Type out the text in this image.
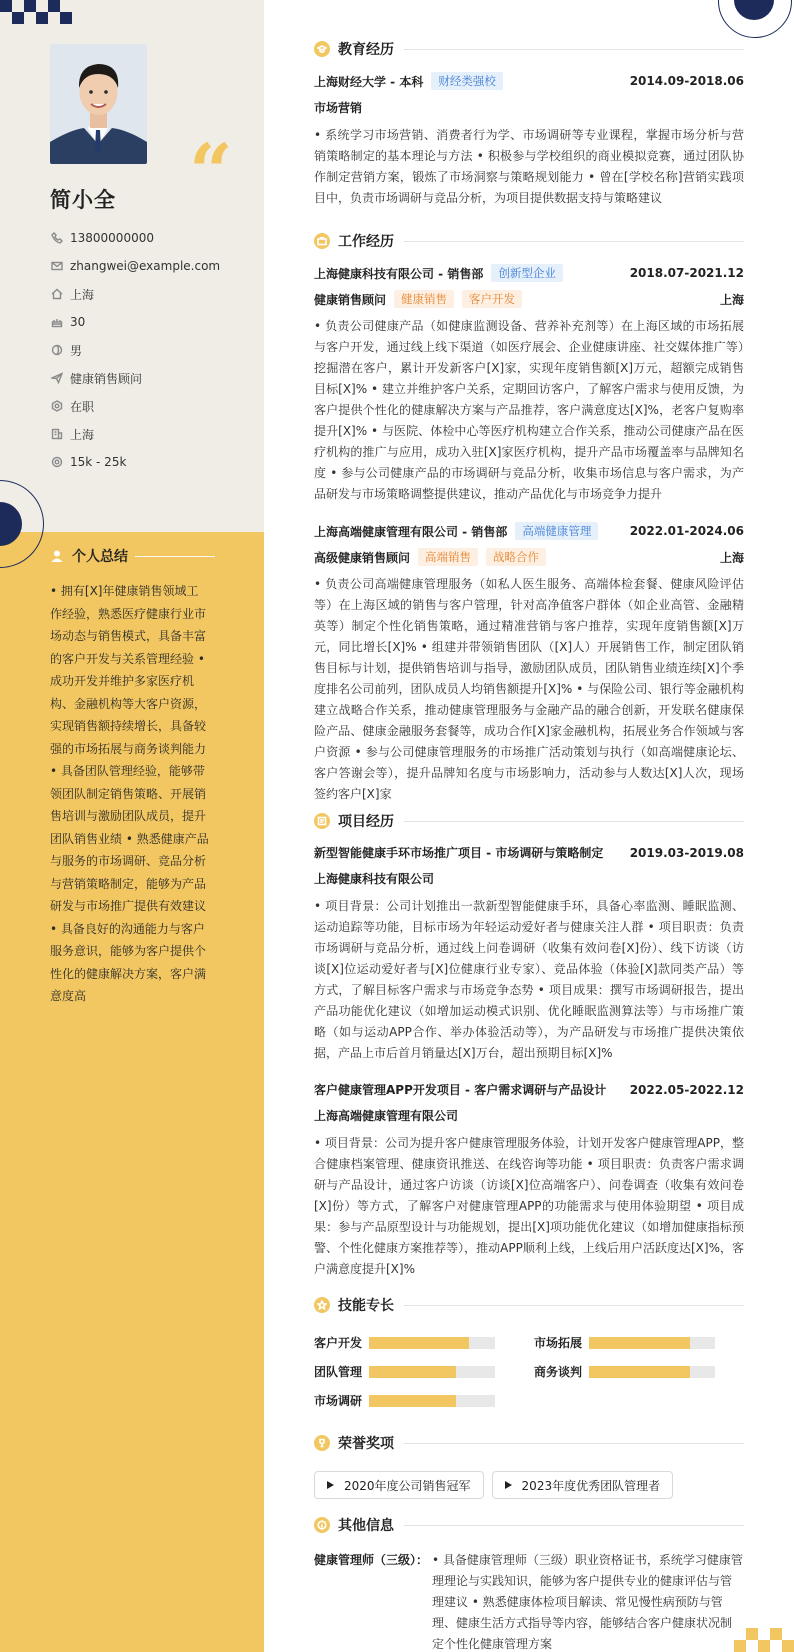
“
简小全
13800000000
zhangwei@example.com
上海
30
男
健康销售顾问
在职
上海
15k - 25k
个人总结
• 拥有[X]年健康销售领域工作经验，熟悉医疗健康行业市场动态与销售模式，具备丰富的客户开发与关系管理经验 • 成功开发并维护多家医疗机构、金融机构等大客户资源，实现销售额持续增长，具备较强的市场拓展与商务谈判能力 • 具备团队管理经验，能够带领团队制定销售策略、开展销售培训与激励团队成员，提升团队销售业绩 • 熟悉健康产品与服务的市场调研、竞品分析与营销策略制定，能够为产品研发与市场推广提供有效建议 • 具备良好的沟通能力与客户服务意识，能够为客户提供个性化的健康解决方案，客户满意度高
教育经历
上海财经大学 - 本科	财经类强校	2014.09-2018.06
市场营销
• 系统学习市场营销、消费者行为学、市场调研等专业课程，掌握市场分析与营销策略制定的基本理论与方法 • 积极参与学校组织的商业模拟竞赛，通过团队协作制定营销方案，锻炼了市场洞察与策略规划能力 • 曾在[学校名称]营销实践项目中，负责市场调研与竞品分析，为项目提供数据支持与策略建议
工作经历
上海健康科技有限公司 - 销售部	创新型企业	2018.07-2021.12
健康销售顾问	健康销售	客户开发	上海
• 负责公司健康产品（如健康监测设备、营养补充剂等）在上海区域的市场拓展与客户开发，通过线上线下渠道（如医疗展会、企业健康讲座、社交媒体推广等）挖掘潜在客户，累计开发新客户[X]家，实现年度销售额[X]万元，超额完成销售目标[X]% • 建立并维护客户关系，定期回访客户，了解客户需求与使用反馈，为客户提供个性化的健康解决方案与产品推荐，客户满意度达[X]%，老客户复购率提升[X]% • 与医院、体检中心等医疗机构建立合作关系，推动公司健康产品在医疗机构的推广与应用，成功入驻[X]家医疗机构，提升产品市场覆盖率与品牌知名度 • 参与公司健康产品的市场调研与竞品分析，收集市场信息与客户需求，为产品研发与市场策略调整提供建议，推动产品优化与市场竞争力提升
上海高端健康管理有限公司 - 销售部	高端健康管理	2022.01-2024.06
高级健康销售顾问	高端销售	战略合作	上海
• 负责公司高端健康管理服务（如私人医生服务、高端体检套餐、健康风险评估等）在上海区域的销售与客户管理，针对高净值客户群体（如企业高管、金融精英等）制定个性化销售策略，通过精准营销与客户推荐，实现年度销售额[X]万元，同比增长[X]% • 组建并带领销售团队（[X]人）开展销售工作，制定团队销售目标与计划，提供销售培训与指导，激励团队成员，团队销售业绩连续[X]个季度排名公司前列，团队成员人均销售额提升[X]% • 与保险公司、银行等金融机构建立战略合作关系，推动健康管理服务与金融产品的融合创新，开发联名健康保险产品、健康金融服务套餐等，成功合作[X]家金融机构，拓展业务合作领域与客户资源 • 参与公司健康管理服务的市场推广活动策划与执行（如高端健康论坛、客户答谢会等），提升品牌知名度与市场影响力，活动参与人数达[X]人次，现场签约客户[X]家
项目经历
新型智能健康手环市场推广项目 - 市场调研与策略制定 2019.03-2019.08
上海健康科技有限公司
• 项目背景：公司计划推出一款新型智能健康手环，具备心率监测、睡眠监测、运动追踪等功能，目标市场为年轻运动爱好者与健康关注人群 • 项目职责：负责市场调研与竞品分析，通过线上问卷调研（收集有效问卷[X]份）、线下访谈（访谈[X]位运动爱好者与[X]位健康行业专家）、竞品体验（体验[X]款同类产品）等方式，了解目标客户需求与市场竞争态势 • 项目成果：撰写市场调研报告，提出产品功能优化建议（如增加运动模式识别、优化睡眠监测算法等）与市场推广策略（如与运动APP合作、举办体验活动等），为产品研发与市场推广提供决策依据，产品上市后首月销量达[X]万台，超出预期目标[X]%
客户健康管理APP开发项目 - 客户需求调研与产品设计 2022.05-2022.12
上海高端健康管理有限公司
• 项目背景：公司为提升客户健康管理服务体验，计划开发客户健康管理APP，整合健康档案管理、健康资讯推送、在线咨询等功能 • 项目职责：负责客户需求调研与产品设计，通过客户访谈（访谈[X]位高端客户）、问卷调查（收集有效问卷[X]份）等方式，了解客户对健康管理APP的功能需求与使用体验期望 • 项目成果：参与产品原型设计与功能规划，提出[X]项功能优化建议（如增加健康指标预警、个性化健康方案推荐等），推动APP顺利上线，上线后用户活跃度达[X]%，客户满意度提升[X]%
技能专长
客户开发	市场拓展
团队管理	商务谈判
市场调研
荣誉奖项
2020年度公司销售冠军	2023年度优秀团队管理者
其他信息
健康管理师（三级）： • 具备健康管理师（三级）职业资格证书，系统学习健康管理理论与实践知识，能够为客户提供专业的健康评估与管理建议 • 熟悉健康体检项目解读、常见慢性病预防与管理、健康生活方式指导等内容，能够结合客户健康状况制定个性化健康管理方案
